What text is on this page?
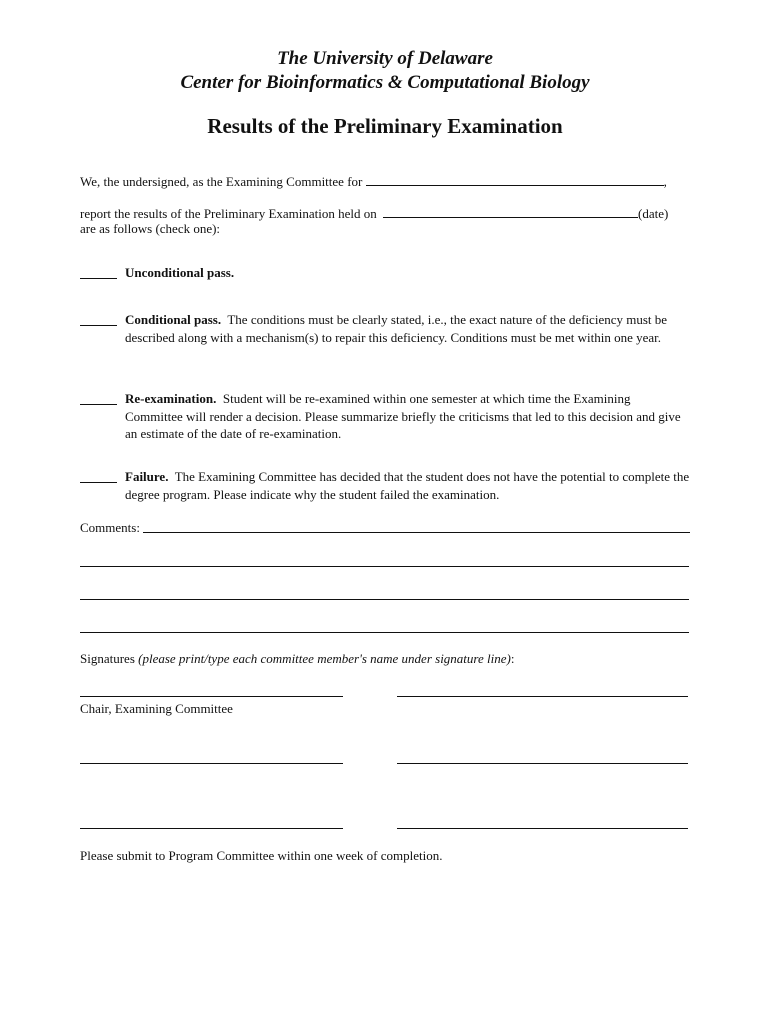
The University of Delaware
Center for Bioinformatics & Computational Biology
Results of the Preliminary Examination
We, the undersigned, as the Examining Committee for	,
report the results of the Preliminary Examination held on	(date)
are as follows (check one):
Unconditional pass.
Conditional pass. The conditions must be clearly stated, i.e., the exact nature of the deficiency must be described along with a mechanism(s) to repair this deficiency. Conditions must be met within one year.
Re-examination. Student will be re-examined within one semester at which time the Examining Committee will render a decision. Please summarize briefly the criticisms that led to this decision and give an estimate of the date of re-examination.
Failure. The Examining Committee has decided that the student does not have the potential to complete the degree program. Please indicate why the student failed the examination.
Comments:
Signatures (please print/type each committee member's name under signature line):
Chair, Examining Committee
Please submit to Program Committee within one week of completion.
